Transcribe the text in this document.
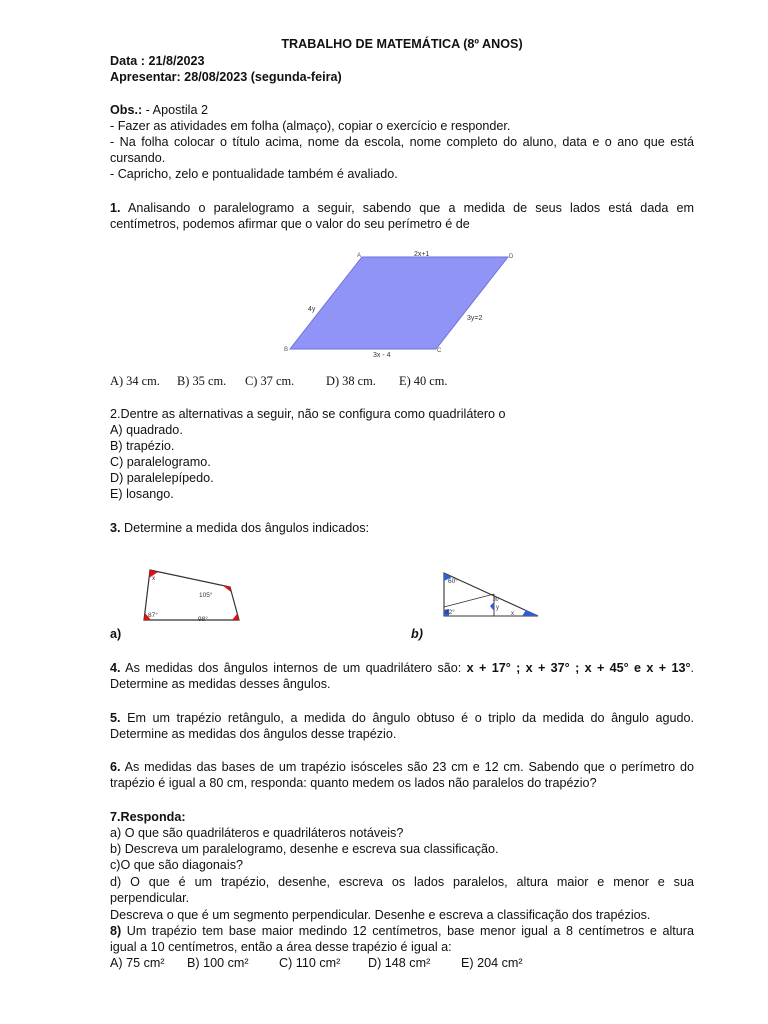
TRABALHO DE MATEMÁTICA (8º ANOS)
Data : 21/8/2023
Apresentar: 28/08/2023 (segunda-feira)
Obs.: - Apostila 2
- Fazer as atividades em folha (almaço), copiar o exercício e responder.
- Na folha colocar o título acima, nome da escola, nome completo do aluno, data e o ano que está
cursando.
- Capricho, zelo e pontualidade também é avaliado.
1. Analisando o paralelogramo a seguir, sabendo que a medida de seus lados está dada em
centímetros, podemos afirmar que o valor do seu perímetro é de
A	D
B	C
2x+1
4y
3y=2
3x - 4
A) 34 cm. B) 35 cm. C) 37 cm.	D) 38 cm. E) 40 cm.
2.Dentre as alternativas a seguir, não se configura como quadrilátero o
A) quadrado.
B) trapézio.
C) paralelogramo.
D) paralelepípedo.
E) losango.
3. Determine a medida dos ângulos indicados:
x
105°
87°
98°
60°
82°
y
x
30
a)	b)
4. As medidas dos ângulos internos de um quadrilátero são: x + 17° ; x + 37° ; x + 45° e x + 13°.
Determine as medidas desses ângulos.
5. Em um trapézio retângulo, a medida do ângulo obtuso é o triplo da medida do ângulo agudo.
Determine as medidas dos ângulos desse trapézio.
6. As medidas das bases de um trapézio isósceles são 23 cm e 12 cm. Sabendo que o perímetro do
trapézio é igual a 80 cm, responda: quanto medem os lados não paralelos do trapézio?
7.Responda:
a) O que são quadriláteros e quadriláteros notáveis?
b) Descreva um paralelogramo, desenhe e escreva sua classificação.
c)O que são diagonais?
d) O que é um trapézio, desenhe, escreva os lados paralelos, altura maior e menor e sua
perpendicular.
Descreva o que é um segmento perpendicular. Desenhe e escreva a classificação dos trapézios.
8) Um trapézio tem base maior medindo 12 centímetros, base menor igual a 8 centímetros e altura
igual a 10 centímetros, então a área desse trapézio é igual a:
A) 75 cm² B) 100 cm² C) 110 cm² D) 148 cm² E) 204 cm²
